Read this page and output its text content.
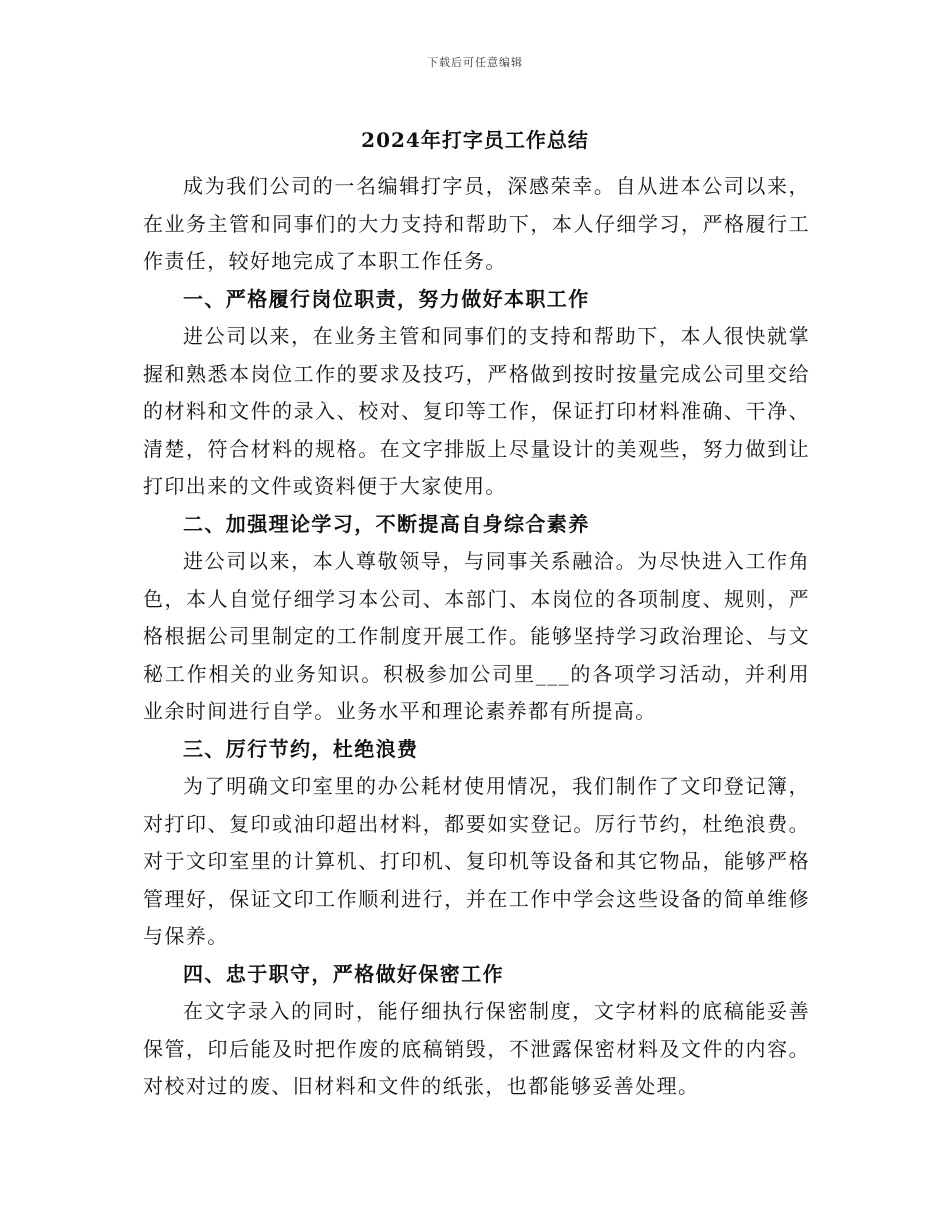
下载后可任意编辑
2024年打字员工作总结

成为我们公司的一名编辑打字员，深感荣幸。自从进本公司以来，在业务主管和同事们的大力支持和帮助下，本人仔细学习，严格履行工作责任，较好地完成了本职工作任务。

一、严格履行岗位职责，努力做好本职工作

进公司以来，在业务主管和同事们的支持和帮助下，本人很快就掌握和熟悉本岗位工作的要求及技巧，严格做到按时按量完成公司里交给的材料和文件的录入、校对、复印等工作，保证打印材料准确、干净、清楚，符合材料的规格。在文字排版上尽量设计的美观些，努力做到让打印出来的文件或资料便于大家使用。

二、加强理论学习，不断提高自身综合素养

进公司以来，本人尊敬领导，与同事关系融洽。为尽快进入工作角色，本人自觉仔细学习本公司、本部门、本岗位的各项制度、规则，严格根据公司里制定的工作制度开展工作。能够坚持学习政治理论、与文秘工作相关的业务知识。积极参加公司里___的各项学习活动，并利用业余时间进行自学。业务水平和理论素养都有所提高。

三、厉行节约，杜绝浪费

为了明确文印室里的办公耗材使用情况，我们制作了文印登记簿，对打印、复印或油印超出材料，都要如实登记。厉行节约，杜绝浪费。对于文印室里的计算机、打印机、复印机等设备和其它物品，能够严格管理好，保证文印工作顺利进行，并在工作中学会这些设备的简单维修与保养。

四、忠于职守，严格做好保密工作

在文字录入的同时，能仔细执行保密制度，文字材料的底稿能妥善保管，印后能及时把作废的底稿销毁，不泄露保密材料及文件的内容。对校对过的废、旧材料和文件的纸张，也都能够妥善处理。
